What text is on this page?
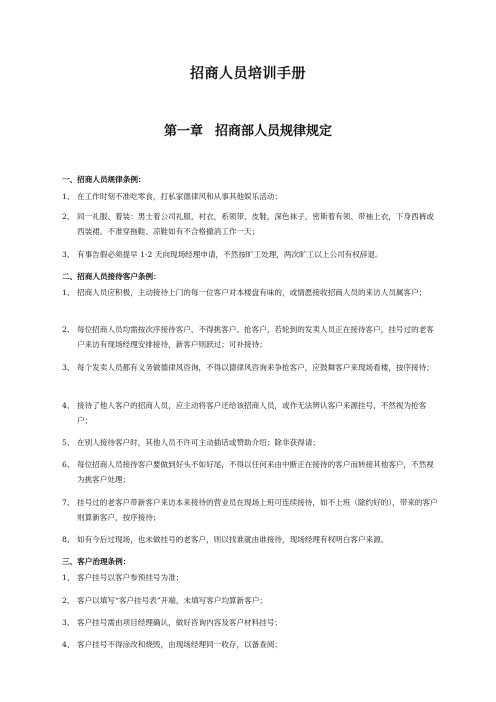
招商人员培训手册
第一章 招商部人员规律规定
一、招商人员规律条例：
1、 在工作时刻不准吃零食，打私家德律风和从事其他娱乐活动；
2、 同一礼服、着装：男士着公司礼服，衬衣，系领带、皮鞋，深色袜子，密斯着有领、带袖上衣，下身西裤或西装裙。不准穿拖鞋、凉鞋如有不合格撤消工作一天；
3、 有事告假必须提早 1-2 天向现场经理申请，不然按旷工处理，两次旷工以上公司有权辞退。
二、招商人员接待客户条例：
1、 招商人员应积极，主动接待上门的每一位客户对本楼盘有味的，或情愿接收招商人员的来访人员属客户；
2、 每位招商人员均需按次序接待客户，不得挑客户、抢客户，若轮到的发卖人员正在接待客户，挂号过的老客户来访有现场经理安排接待，新客户则跃过；可补接待；
3、 每个发卖人员都有义务做德律风咨询，不得以德律风咨询来争抢客户，应鼓舞客户来现场看楼，按序接待；
4、 接待了他人客户的招商人员，应主动将客户还给该招商人员，或作无法辨认客户来源挂号，不然视为抢客户；
5、 在别人接待客户时，其他人员不许可主动插话或赞助介绍；除非获得请；
6、 每位招商人员接待客户要做到好头不如好尾，不得以任何来由中断正在接待的客户而转接其他客户，不然视为挑客户处理；
7、 挂号过的老客户带新客户来访本来接待的营业员在现场上班可连续接待，如不上班（除约好的），带来的客户则算新客户，按序接待；
8、 如有今后过现场，也未做挂号的老客户，则以找谁就由谁接待，现场经理有权明白客户来源。
三、客户治理条例：
1、 客户挂号以客户参预挂号为准；
2、 客户以填写“客户挂号表”开端，未填写客户均算新客户；
3、 客户挂号需由项目经理确认，做好咨询内容及客户材料挂号；
4、 客户挂号不得涂改和烧毁，由现场经理同一收存，以备查阅；
